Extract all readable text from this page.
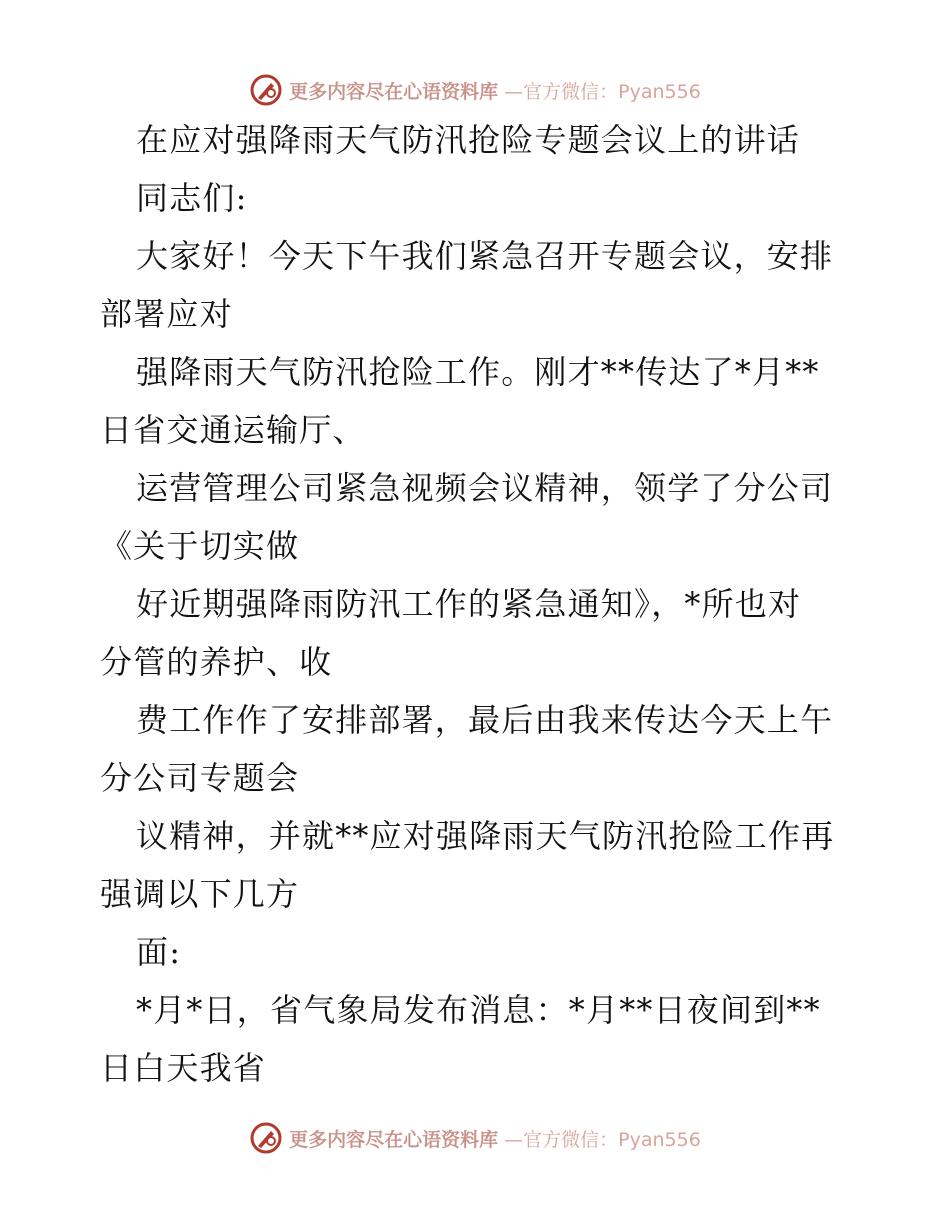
更多内容尽在心语资料库 —官方微信：Pyan556
在应对强降雨天气防汛抢险专题会议上的讲话
同志们:
大家好！今天下午我们紧急召开专题会议，安排
部署应对
强降雨天气防汛抢险工作。刚才**传达了*月**
日省交通运输厅、
运营管理公司紧急视频会议精神，领学了分公司
《关于切实做
好近期强降雨防汛工作的紧急通知》，*所也对
分管的养护、收
费工作作了安排部署，最后由我来传达今天上午
分公司专题会
议精神，并就**应对强降雨天气防汛抢险工作再
强调以下几方
面:
*月*日，省气象局发布消息：*月**日夜间到**
日白天我省
更多内容尽在心语资料库 —官方微信：Pyan556
